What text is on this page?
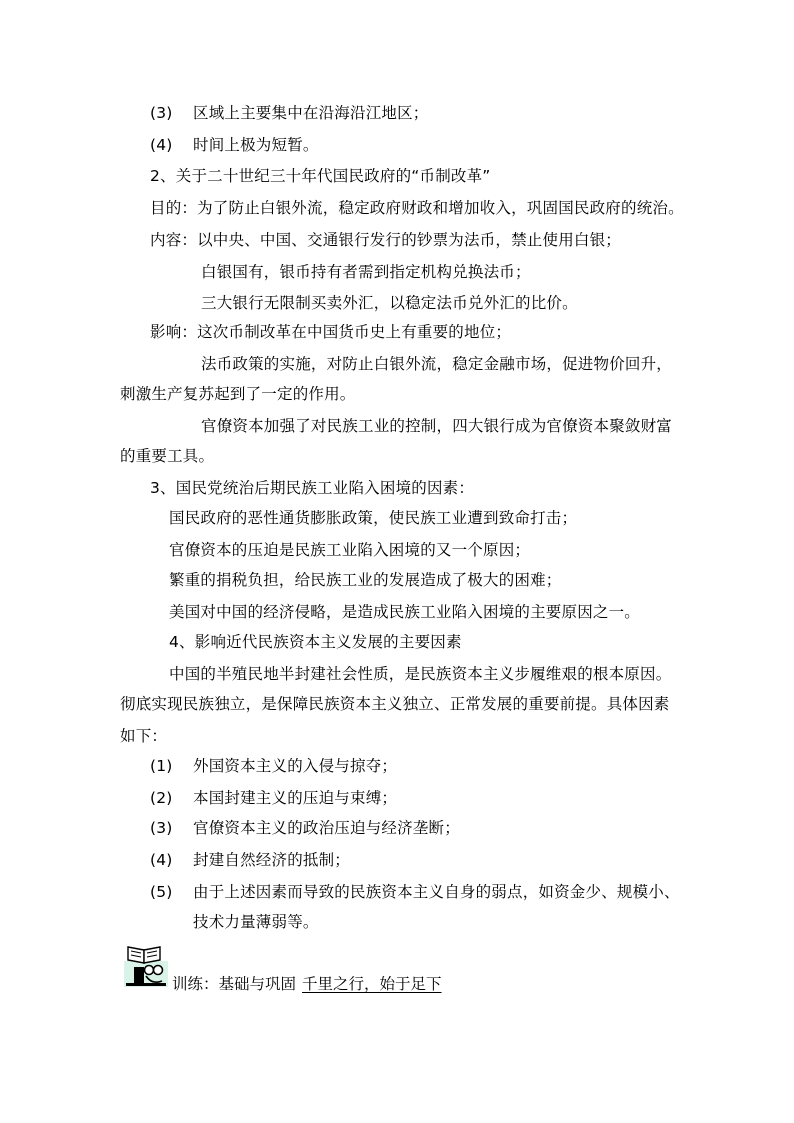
(3) 区域上主要集中在沿海沿江地区；
(4) 时间上极为短暂。
2、关于二十世纪三十年代国民政府的“币制改革”
目的：为了防止白银外流，稳定政府财政和增加收入，巩固国民政府的统治。
内容：以中央、中国、交通银行发行的钞票为法币，禁止使用白银；
白银国有，银币持有者需到指定机构兑换法币；
三大银行无限制买卖外汇，以稳定法币兑外汇的比价。
影响：这次币制改革在中国货币史上有重要的地位；
法币政策的实施，对防止白银外流，稳定金融市场，促进物价回升，
刺激生产复苏起到了一定的作用。
官僚资本加强了对民族工业的控制，四大银行成为官僚资本聚敛财富
的重要工具。
3、国民党统治后期民族工业陷入困境的因素：
国民政府的恶性通货膨胀政策，使民族工业遭到致命打击；
官僚资本的压迫是民族工业陷入困境的又一个原因；
繁重的捐税负担，给民族工业的发展造成了极大的困难；
美国对中国的经济侵略，是造成民族工业陷入困境的主要原因之一。
4、影响近代民族资本主义发展的主要因素
中国的半殖民地半封建社会性质，是民族资本主义步履维艰的根本原因。
彻底实现民族独立，是保障民族资本主义独立、正常发展的重要前提。具体因素
如下：
(1) 外国资本主义的入侵与掠夺；
(2) 本国封建主义的压迫与束缚；
(3) 官僚资本主义的政治压迫与经济垄断；
(4) 封建自然经济的抵制；
(5) 由于上述因素而导致的民族资本主义自身的弱点，如资金少、规模小、
技术力量薄弱等。
训练：基础与巩固 千里之行，始于足下
